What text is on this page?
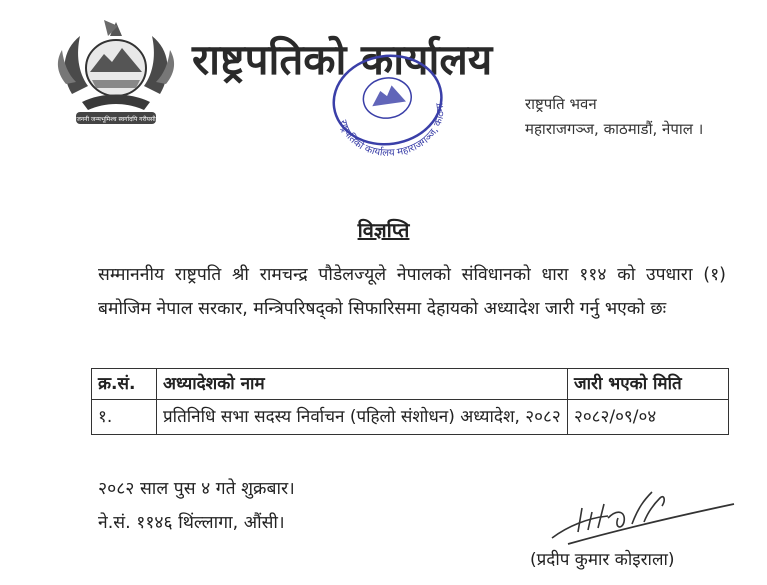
जननी जन्मभूमिश्च स्वर्गादपि गरीयसी
राष्ट्रपतिको कार्यालय
राष्ट्रपतिको कार्यालय महाराजगञ्ज, काठमाडौं
राष्ट्रपति भवन
महाराजगञ्ज, काठमाडौं, नेपाल ।
विज्ञप्ति
सम्माननीय राष्ट्रपति श्री रामचन्द्र पौडेलज्यूले नेपालको संविधानको धारा ११४ को उपधारा (१) बमोजिम नेपाल सरकार, मन्त्रिपरिषद्को सिफारिसमा देहायको अध्यादेश जारी गर्नु भएको छः
क्र.सं.	अध्यादेशको नाम	जारी भएको मिति
१.	प्रतिनिधि सभा सदस्य निर्वाचन (पहिलो संशोधन) अध्यादेश, २०८२	२०८२/०९/०४
२०८२ साल पुस ४ गते शुक्रबार।
ने.सं. ११४६ थिंल्लागा, औंसी।
(प्रदीप कुमार कोइराला)
